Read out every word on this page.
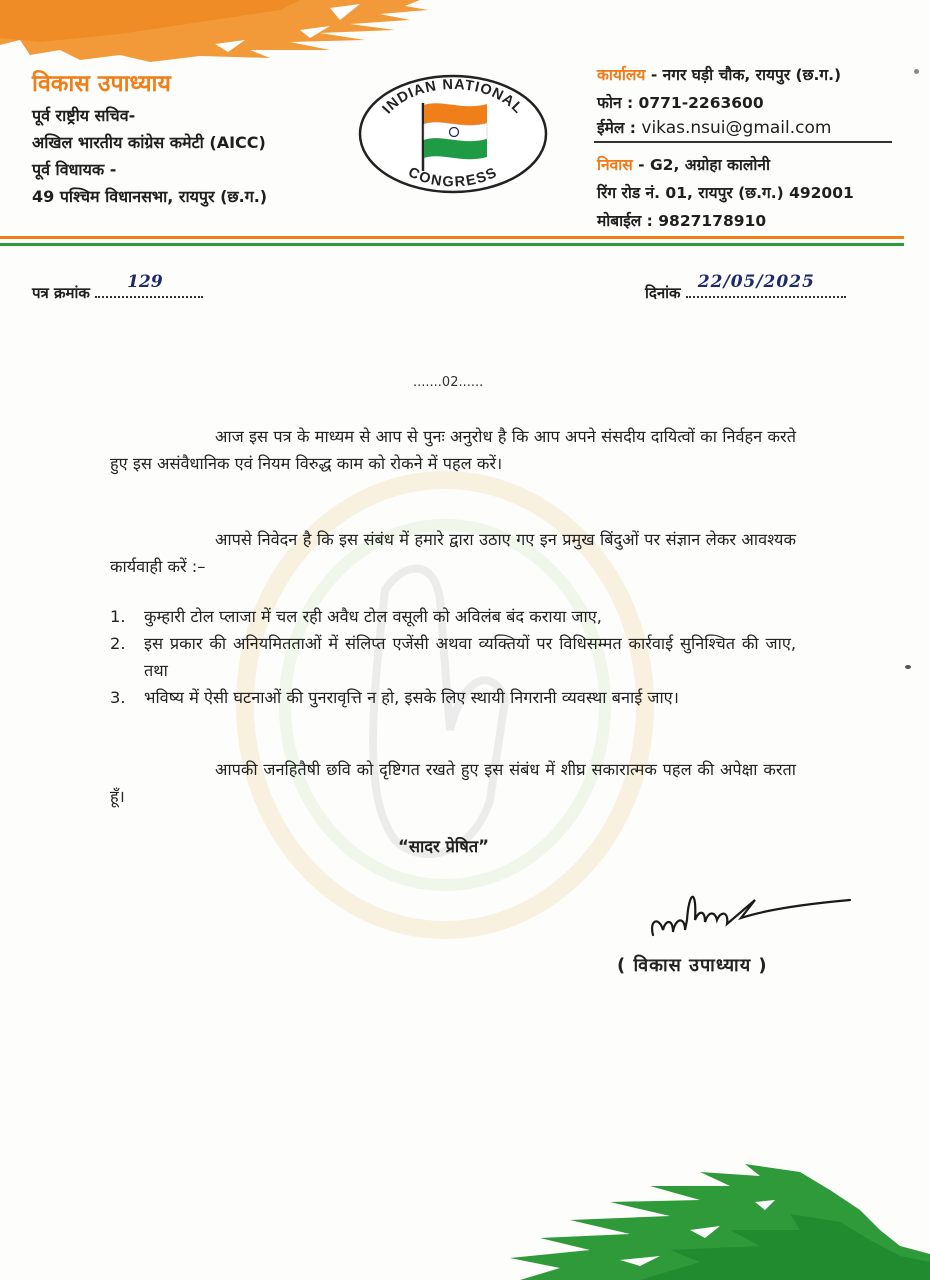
विकास उपाध्याय
पूर्व राष्ट्रीय सचिव-
अखिल भारतीय कांग्रेस कमेटी (AICC)
पूर्व विधायक -
49 पश्चिम विधानसभा, रायपुर (छ.ग.)
INDIAN NATIONAL
CONGRESS
कार्यालय - नगर घड़ी चौक, रायपुर (छ.ग.)
फोन : 0771-2263600
ईमेल : vikas.nsui@gmail.com
निवास - G2, अग्रोहा कालोनी
रिंग रोड नं. 01, रायपुर (छ.ग.) 492001
मोबाईल : 9827178910
पत्र क्रमांक
129
दिनांक
22/05/2025
.......02......
आज इस पत्र के माध्यम से आप से पुनः अनुरोध है कि आप अपने संसदीय दायित्वों का निर्वहन करते हुए इस असंवैधानिक एवं नियम विरुद्ध काम को रोकने में पहल करें।
आपसे निवेदन है कि इस संबंध में हमारे द्वारा उठाए गए इन प्रमुख बिंदुओं पर संज्ञान लेकर आवश्यक कार्यवाही करें :–
1.	कुम्हारी टोल प्लाजा में चल रही अवैध टोल वसूली को अविलंब बंद कराया जाए,
2.	इस प्रकार की अनियमितताओं में संलिप्त एजेंसी अथवा व्यक्तियों पर विधिसम्मत कार्रवाई सुनिश्चित की जाए, तथा
3.	भविष्य में ऐसी घटनाओं की पुनरावृत्ति न हो, इसके लिए स्थायी निगरानी व्यवस्था बनाई जाए।
आपकी जनहितैषी छवि को दृष्टिगत रखते हुए इस संबंध में शीघ्र सकारात्मक पहल की अपेक्षा करता हूँ।
“सादर प्रेषित”
( विकास उपाध्याय )
